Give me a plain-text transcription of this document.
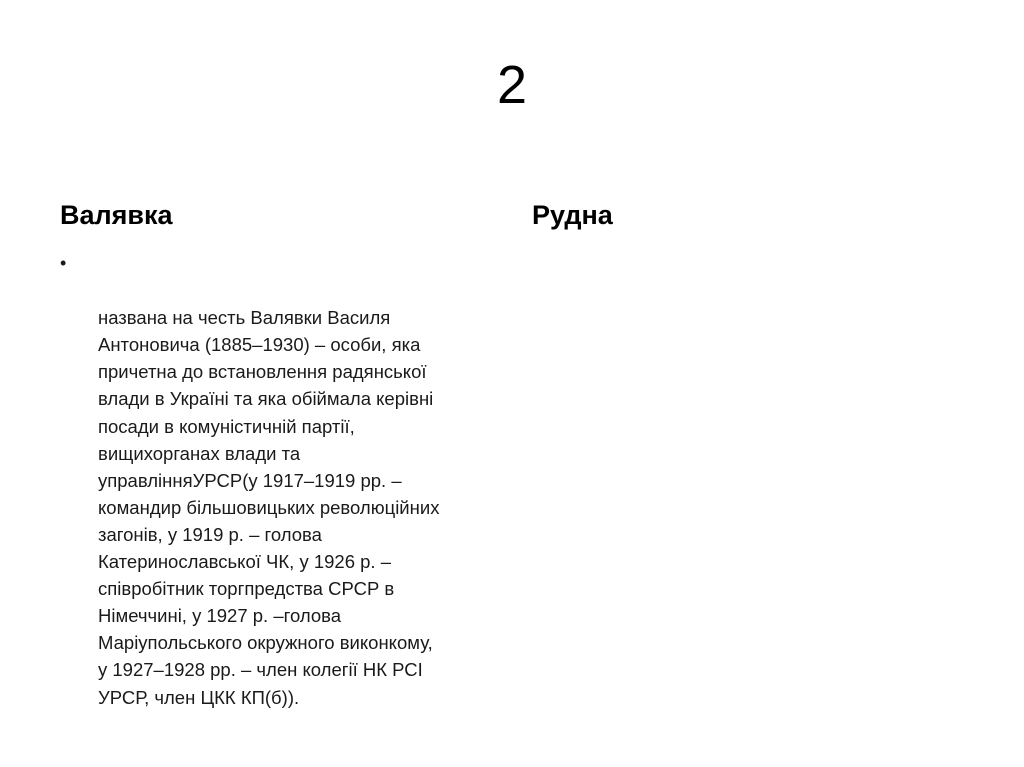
2
Валявка	Рудна

•

названа на честь Валявки Василя
Антоновича (1885–1930) – особи, яка
причетна до встановлення радянської
влади в Україні та яка обіймала керівні
посади в комуністичній партії,
вищихорганах влади та
управлінняУРСР(у 1917–1919 рр. –
командир більшовицьких революційних
загонів, у 1919 р. – голова
Катеринославської ЧК, у 1926 р. –
співробітник торгпредства СРСР в
Німеччині, у 1927 р. –голова
Маріупольського окружного виконкому,
у 1927–1928 рр. – член колегії НК РСІ
УРСР, член ЦКК КП(б)).
